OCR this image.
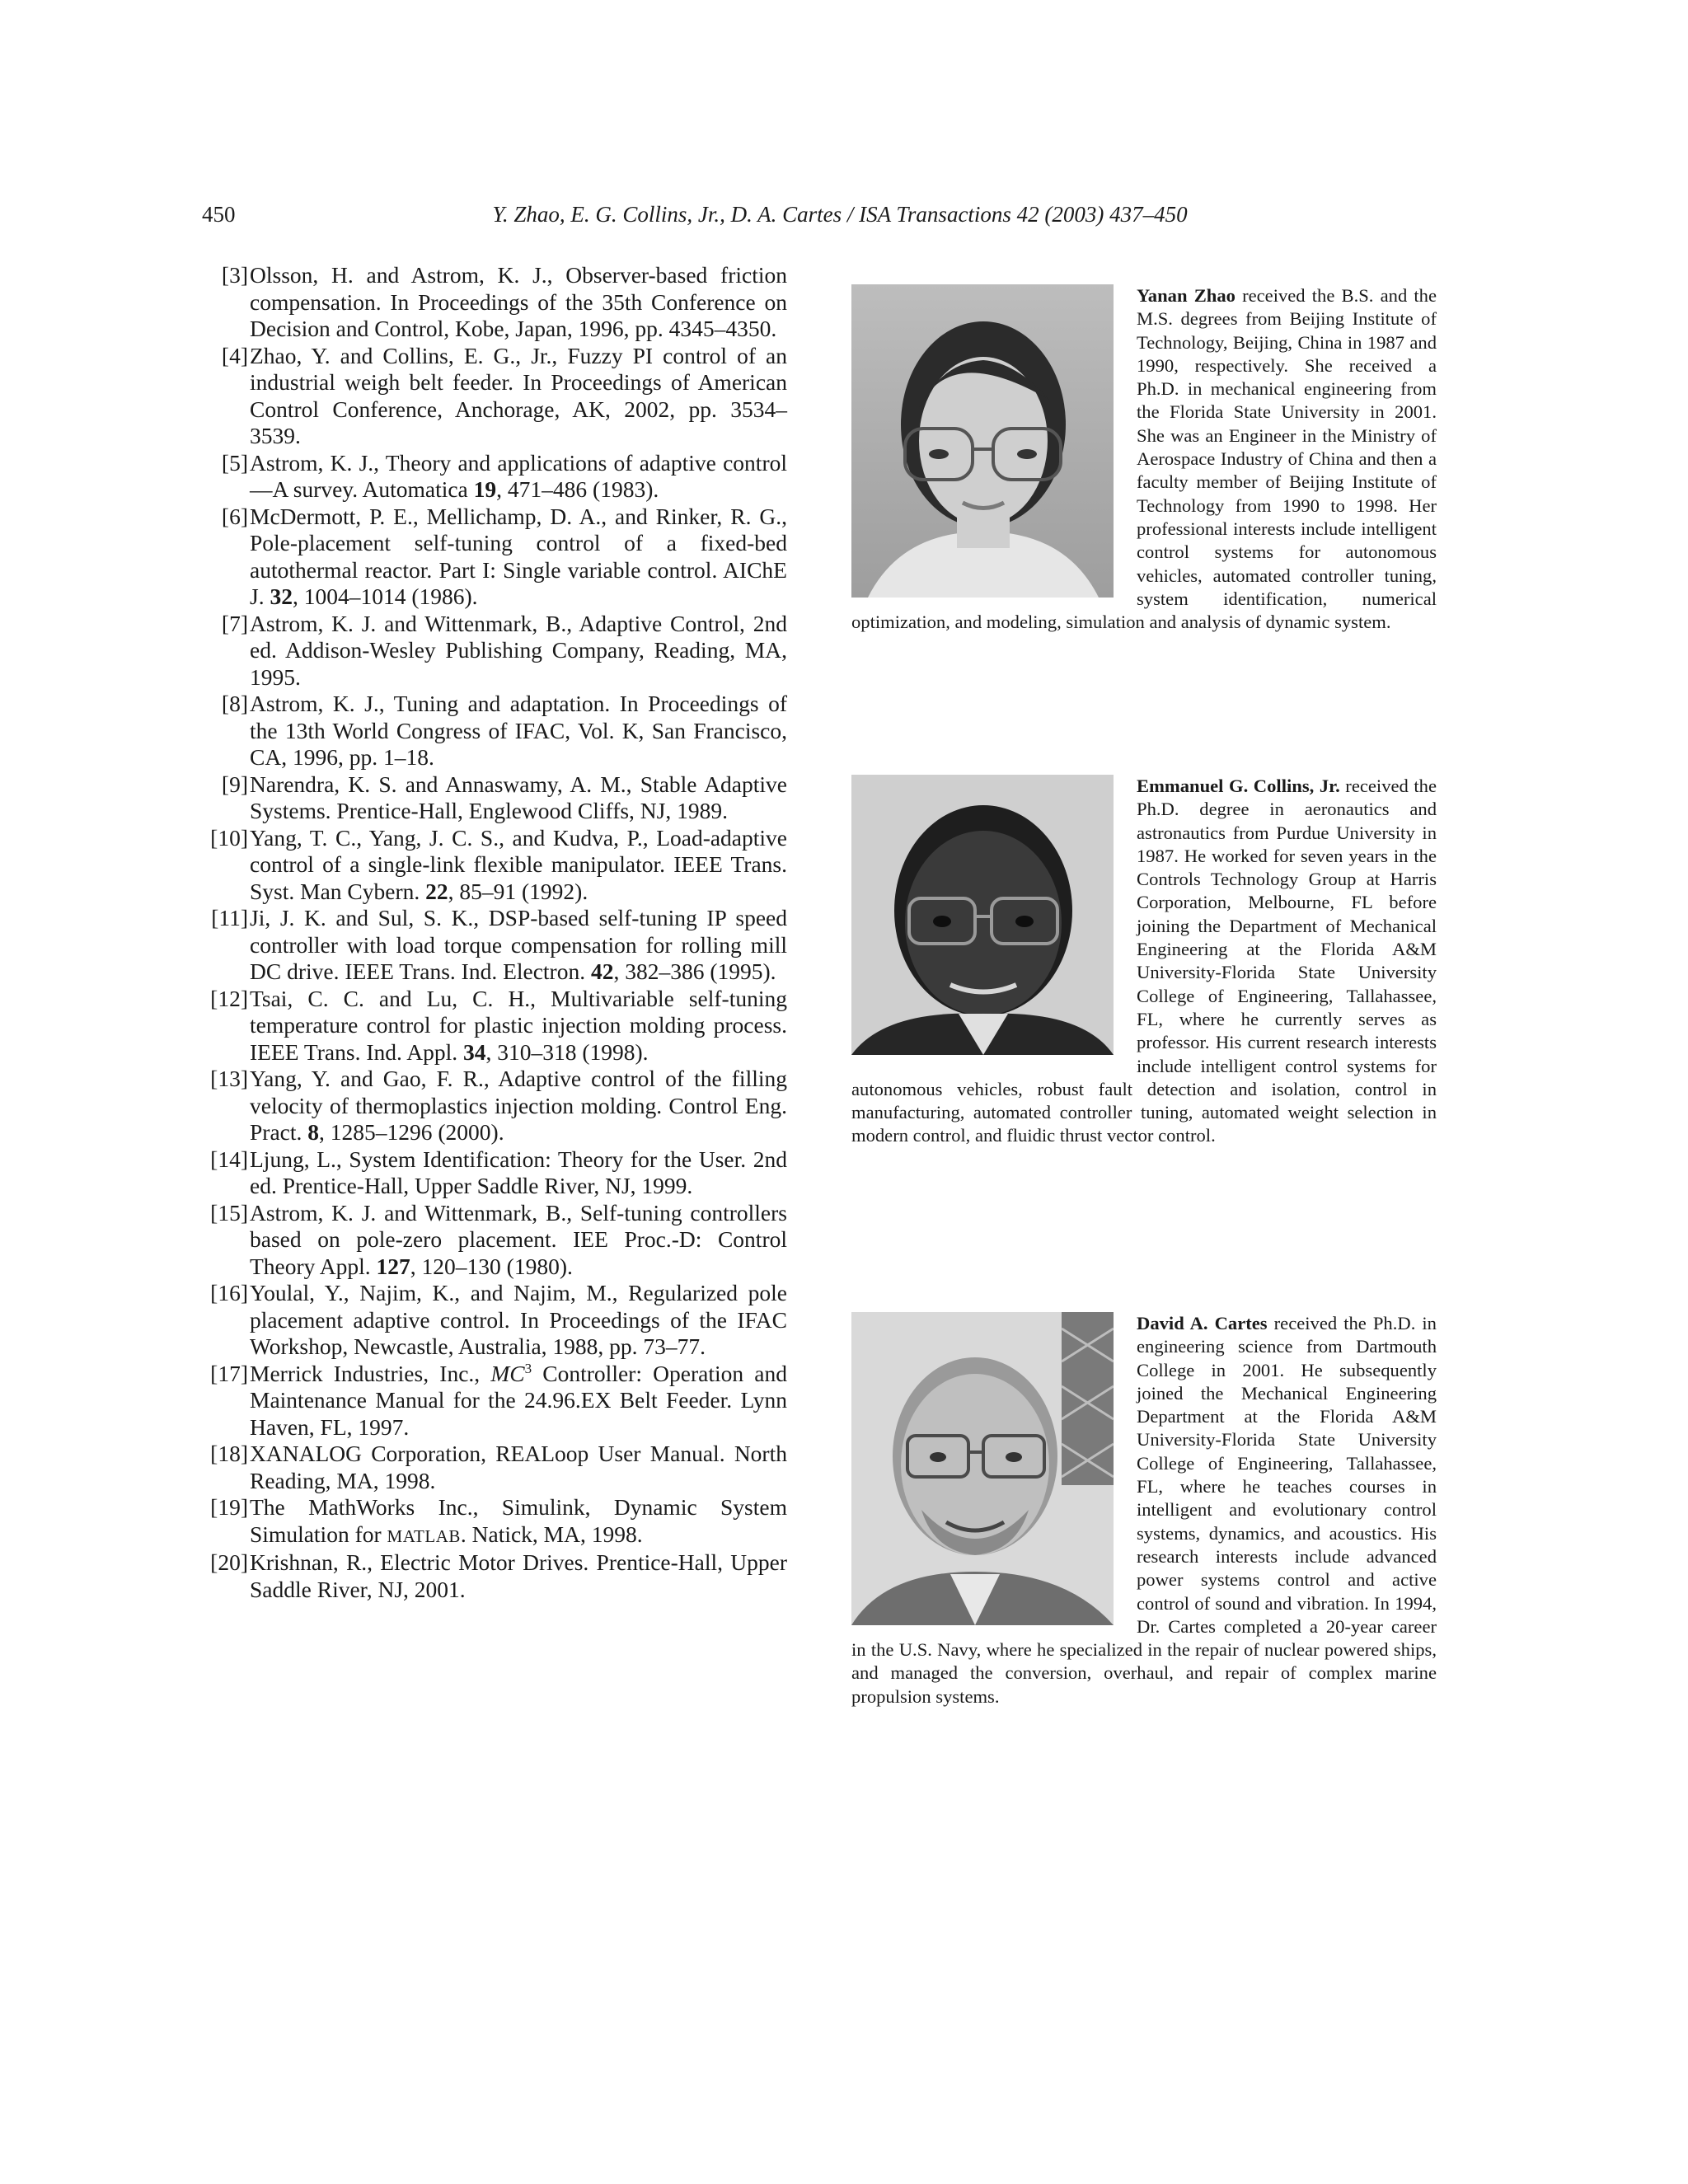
450	Y. Zhao, E. G. Collins, Jr., D. A. Cartes / ISA Transactions 42 (2003) 437–450

[3] Olsson, H. and Astrom, K. J., Observer-based friction compensation. In Proceedings of the 35th Conference on Decision and Control, Kobe, Japan, 1996, pp. 4345–4350.

[4] Zhao, Y. and Collins, E. G., Jr., Fuzzy PI control of an industrial weigh belt feeder. In Proceedings of American Control Conference, Anchorage, AK, 2002, pp. 3534–3539.

[5] Astrom, K. J., Theory and applications of adaptive control—A survey. Automatica 19, 471–486 (1983).

[6] McDermott, P. E., Mellichamp, D. A., and Rinker, R. G., Pole-placement self-tuning control of a fixed-bed autothermal reactor. Part I: Single variable control. AIChE J. 32, 1004–1014 (1986).

[7] Astrom, K. J. and Wittenmark, B., Adaptive Control, 2nd ed. Addison-Wesley Publishing Company, Reading, MA, 1995.

[8] Astrom, K. J., Tuning and adaptation. In Proceedings of the 13th World Congress of IFAC, Vol. K, San Francisco, CA, 1996, pp. 1–18.

[9] Narendra, K. S. and Annaswamy, A. M., Stable Adaptive Systems. Prentice-Hall, Englewood Cliffs, NJ, 1989.

[10] Yang, T. C., Yang, J. C. S., and Kudva, P., Load-adaptive control of a single-link flexible manipulator. IEEE Trans. Syst. Man Cybern. 22, 85–91 (1992).

[11] Ji, J. K. and Sul, S. K., DSP-based self-tuning IP speed controller with load torque compensation for rolling mill DC drive. IEEE Trans. Ind. Electron. 42, 382–386 (1995).

[12] Tsai, C. C. and Lu, C. H., Multivariable self-tuning temperature control for plastic injection molding process. IEEE Trans. Ind. Appl. 34, 310–318 (1998).

[13] Yang, Y. and Gao, F. R., Adaptive control of the filling velocity of thermoplastics injection molding. Control Eng. Pract. 8, 1285–1296 (2000).

[14] Ljung, L., System Identification: Theory for the User. 2nd ed. Prentice-Hall, Upper Saddle River, NJ, 1999.

[15] Astrom, K. J. and Wittenmark, B., Self-tuning controllers based on pole-zero placement. IEE Proc.-D: Control Theory Appl. 127, 120–130 (1980).

[16] Youlal, Y., Najim, K., and Najim, M., Regularized pole placement adaptive control. In Proceedings of the IFAC Workshop, Newcastle, Australia, 1988, pp. 73–77.

[17] Merrick Industries, Inc., $MC^3$ Controller: Operation and Maintenance Manual for the 24.96.EX Belt Feeder. Lynn Haven, FL, 1997.

[18] XANALOG Corporation, REALoop User Manual. North Reading, MA, 1998.

[19] The MathWorks Inc., Simulink, Dynamic System Simulation for MATLAB. Natick, MA, 1998.

[20] Krishnan, R., Electric Motor Drives. Prentice-Hall, Upper Saddle River, NJ, 2001.

Yanan Zhao received the B.S. and the M.S. degrees from Beijing Institute of Technology, Beijing, China in 1987 and 1990, respectively. She received a Ph.D. in mechanical engineering from the Florida State University in 2001. She was an Engineer in the Ministry of Aerospace Industry of China and then a faculty member of Beijing Institute of Technology from 1990 to 1998. Her professional interests include intelligent control systems for autonomous vehicles, automated controller tuning, system identification, numerical optimization, and modeling, simulation and analysis of dynamic system.

Emmanuel G. Collins, Jr. received the Ph.D. degree in aeronautics and astronautics from Purdue University in 1987. He worked for seven years in the Controls Technology Group at Harris Corporation, Melbourne, FL before joining the Department of Mechanical Engineering at the Florida A&M University-Florida State University College of Engineering, Tallahassee, FL, where he currently serves as professor. His current research interests include intelligent control systems for autonomous vehicles, robust fault detection and isolation, control in manufacturing, automated controller tuning, automated weight selection in modern control, and fluidic thrust vector control.

David A. Cartes received the Ph.D. in engineering science from Dartmouth College in 2001. He subsequently joined the Mechanical Engineering Department at the Florida A&M University-Florida State University College of Engineering, Tallahassee, FL, where he teaches courses in intelligent and evolutionary control systems, dynamics, and acoustics. His research interests include advanced power systems control and active control of sound and vibration. In 1994, Dr. Cartes completed a 20-year career in the U.S. Navy, where he specialized in the repair of nuclear powered ships, and managed the conversion, overhaul, and repair of complex marine propulsion systems.
